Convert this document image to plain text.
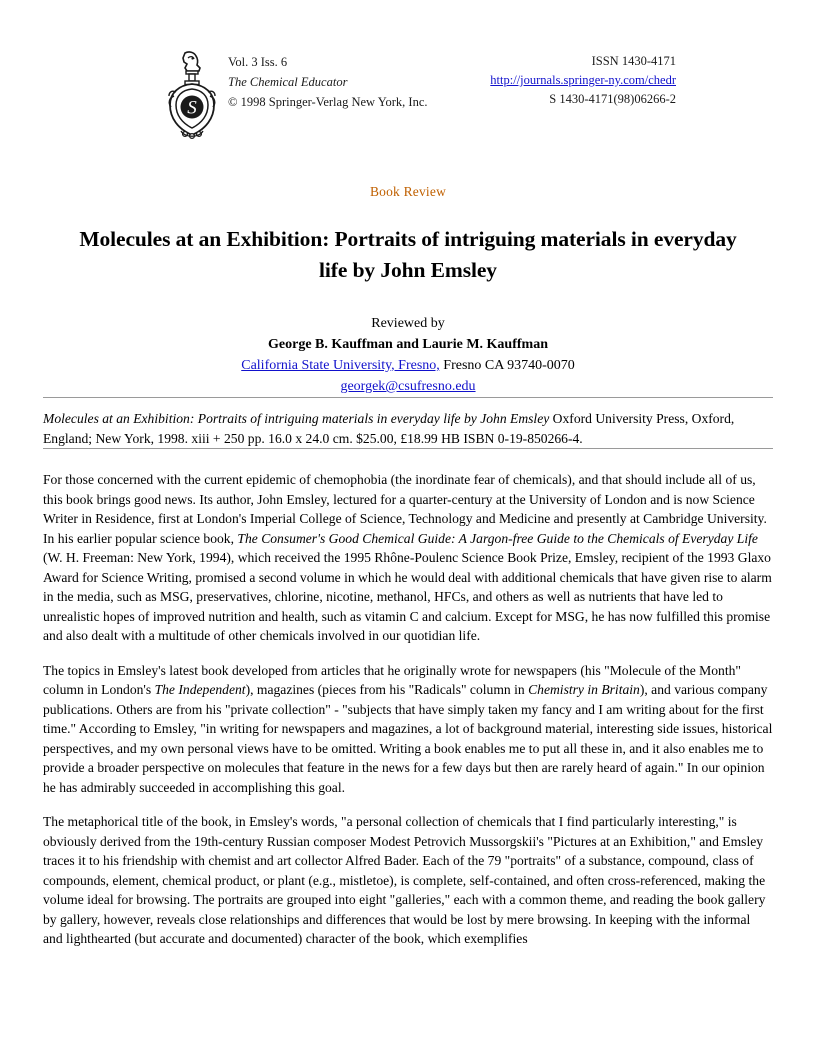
S
Vol. 3 Iss. 6
The Chemical Educator
© 1998 Springer-Verlag New York, Inc.
ISSN 1430-4171
http://journals.springer-ny.com/chedr
S 1430-4171(98)06266-2
Book Review
Molecules at an Exhibition: Portraits of intriguing materials in everyday life by John Emsley
Reviewed by
George B. Kauffman and Laurie M. Kauffman
California State University, Fresno, Fresno CA 93740-0070
georgek@csufresno.edu
Molecules at an Exhibition: Portraits of intriguing materials in everyday life by John Emsley Oxford University Press, Oxford, England; New York, 1998. xiii + 250 pp. 16.0 x 24.0 cm. $25.00, £18.99 HB ISBN 0-19-850266-4.

For those concerned with the current epidemic of chemophobia (the inordinate fear of chemicals), and that should include all of us, this book brings good news. Its author, John Emsley, lectured for a quarter-century at the University of London and is now Science Writer in Residence, first at London's Imperial College of Science, Technology and Medicine and presently at Cambridge University. In his earlier popular science book, The Consumer's Good Chemical Guide: A Jargon-free Guide to the Chemicals of Everyday Life (W. H. Freeman: New York, 1994), which received the 1995 Rhône-Poulenc Science Book Prize, Emsley, recipient of the 1993 Glaxo Award for Science Writing, promised a second volume in which he would deal with additional chemicals that have given rise to alarm in the media, such as MSG, preservatives, chlorine, nicotine, methanol, HFCs, and others as well as nutrients that have led to unrealistic hopes of improved nutrition and health, such as vitamin C and calcium. Except for MSG, he has now fulfilled this promise and also dealt with a multitude of other chemicals involved in our quotidian life.

The topics in Emsley's latest book developed from articles that he originally wrote for newspapers (his "Molecule of the Month" column in London's The Independent), magazines (pieces from his "Radicals" column in Chemistry in Britain), and various company publications. Others are from his "private collection" - "subjects that have simply taken my fancy and I am writing about for the first time." According to Emsley, "in writing for newspapers and magazines, a lot of background material, interesting side issues, historical perspectives, and my own personal views have to be omitted. Writing a book enables me to put all these in, and it also enables me to provide a broader perspective on molecules that feature in the news for a few days but then are rarely heard of again." In our opinion he has admirably succeeded in accomplishing this goal.

The metaphorical title of the book, in Emsley's words, "a personal collection of chemicals that I find particularly interesting," is obviously derived from the 19th-century Russian composer Modest Petrovich Mussorgskii's "Pictures at an Exhibition," and Emsley traces it to his friendship with chemist and art collector Alfred Bader. Each of the 79 "portraits" of a substance, compound, class of compounds, element, chemical product, or plant (e.g., mistletoe), is complete, self-contained, and often cross-referenced, making the volume ideal for browsing. The portraits are grouped into eight "galleries," each with a common theme, and reading the book gallery by gallery, however, reveals close relationships and differences that would be lost by mere browsing. In keeping with the informal and lighthearted (but accurate and documented) character of the book, which exemplifies
